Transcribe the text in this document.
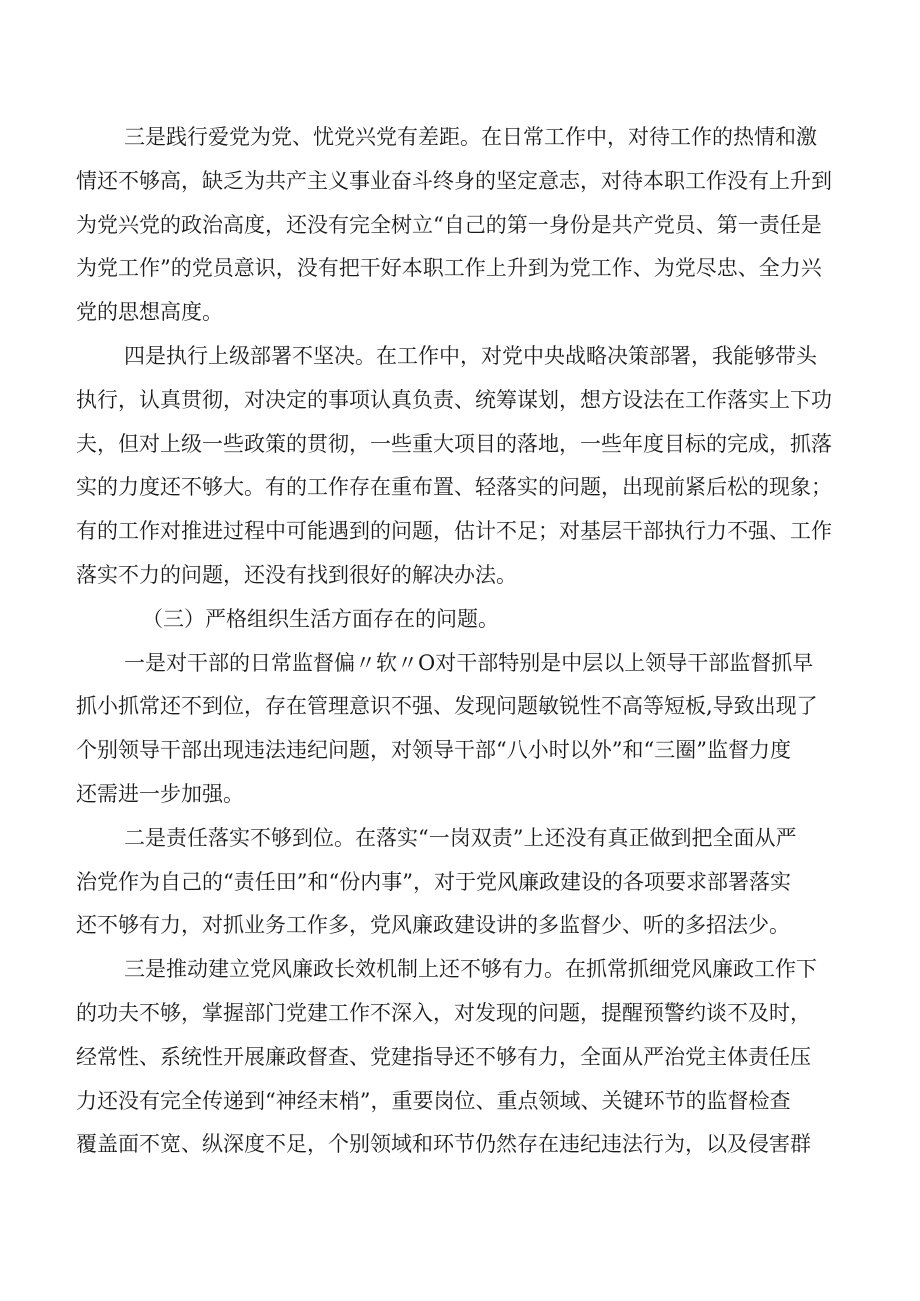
三是践行爱党为党、忧党兴党有差距。在日常工作中，对待工作的热情和激
情还不够高，缺乏为共产主义事业奋斗终身的坚定意志，对待本职工作没有上升到
为党兴党的政治高度，还没有完全树立“自己的第一身份是共产党员、第一责任是
为党工作”的党员意识，没有把干好本职工作上升到为党工作、为党尽忠、全力兴
党的思想高度。
四是执行上级部署不坚决。在工作中，对党中央战略决策部署，我能够带头
执行，认真贯彻，对决定的事项认真负责、统筹谋划，想方设法在工作落实上下功
夫，但对上级一些政策的贯彻，一些重大项目的落地，一些年度目标的完成，抓落
实的力度还不够大。有的工作存在重布置、轻落实的问题，出现前紧后松的现象；
有的工作对推进过程中可能遇到的问题，估计不足；对基层干部执行力不强、工作
落实不力的问题，还没有找到很好的解决办法。
（三）严格组织生活方面存在的问题。
一是对干部的日常监督偏〃软〃O对干部特别是中层以上领导干部监督抓早
抓小抓常还不到位，存在管理意识不强、发现问题敏锐性不高等短板,导致出现了
个别领导干部出现违法违纪问题，对领导干部“八小时以外”和“三圈”监督力度
还需进一步加强。
二是责任落实不够到位。在落实“一岗双责”上还没有真正做到把全面从严
治党作为自己的“责任田”和“份内事”，对于党风廉政建设的各项要求部署落实
还不够有力，对抓业务工作多，党风廉政建设讲的多监督少、听的多招法少。
三是推动建立党风廉政长效机制上还不够有力。在抓常抓细党风廉政工作下
的功夫不够，掌握部门党建工作不深入，对发现的问题，提醒预警约谈不及时，
经常性、系统性开展廉政督查、党建指导还不够有力，全面从严治党主体责任压
力还没有完全传递到“神经末梢”，重要岗位、重点领域、关键环节的监督检查
覆盖面不宽、纵深度不足，个别领域和环节仍然存在违纪违法行为，以及侵害群
